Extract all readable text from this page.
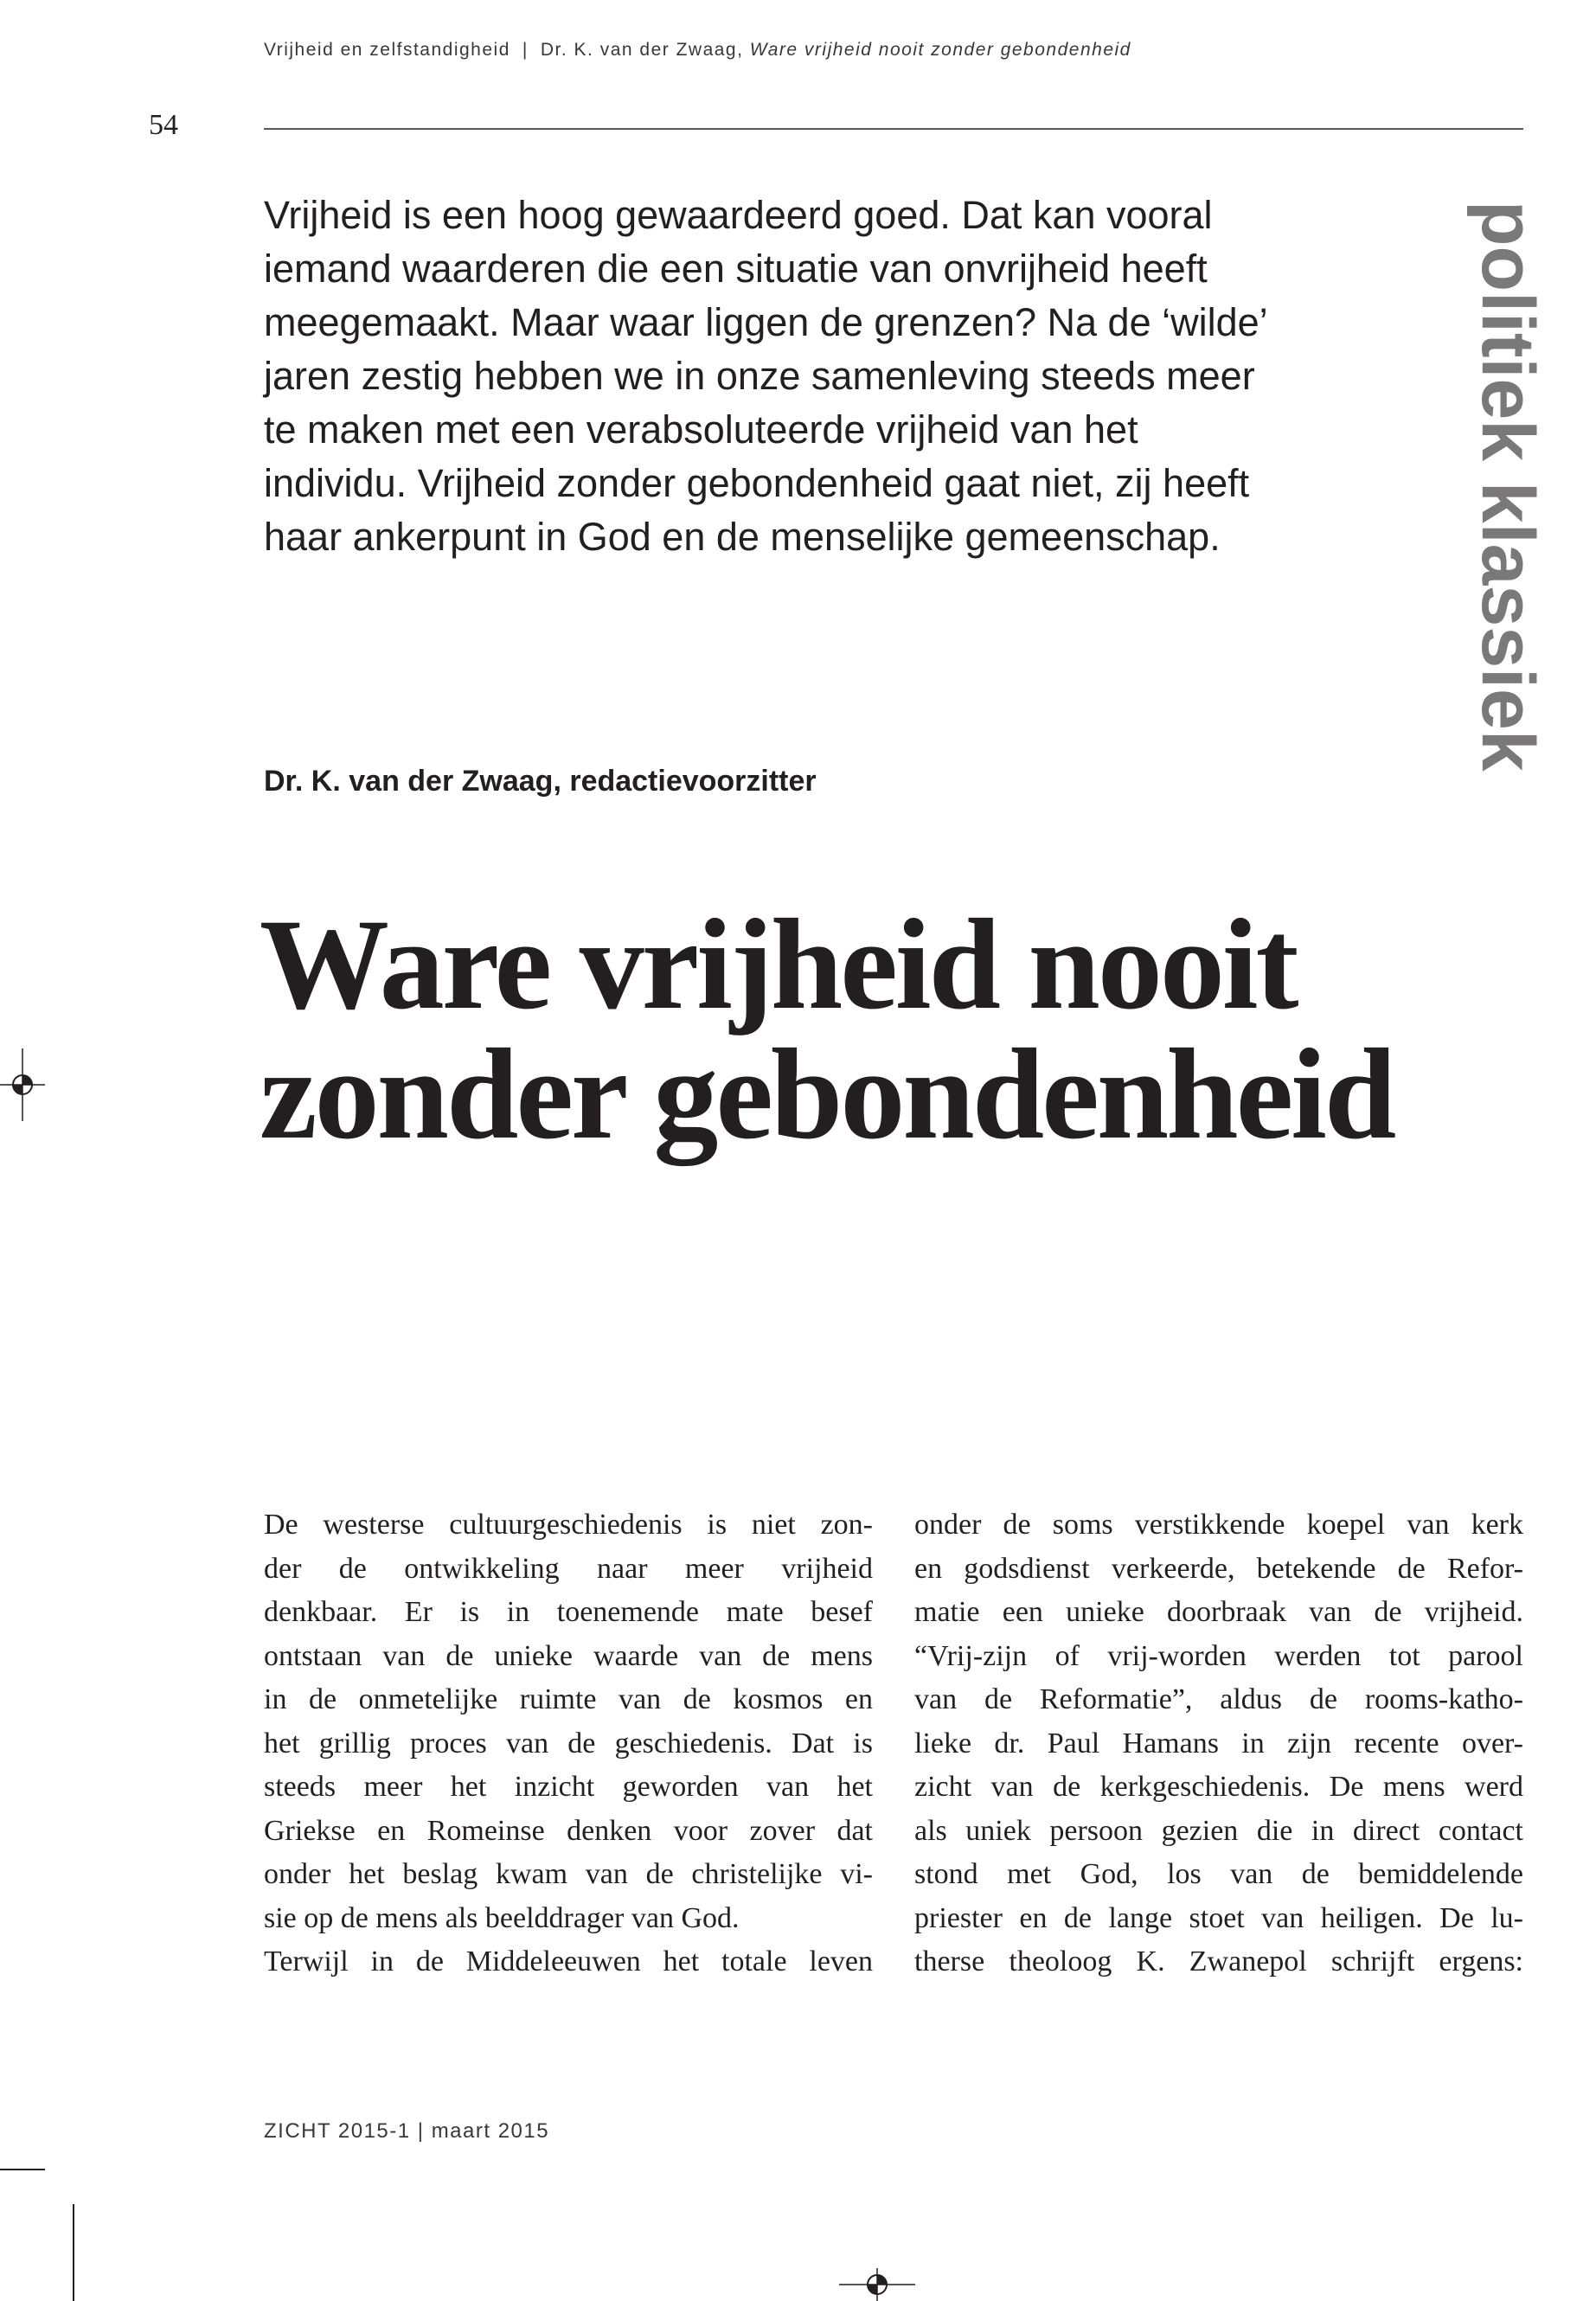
Vrijheid en zelfstandigheid | Dr. K. van der Zwaag, Ware vrijheid nooit zonder gebondenheid
54

Vrijheid is een hoog gewaardeerd goed. Dat kan vooral
iemand waarderen die een situatie van onvrijheid heeft
meegemaakt. Maar waar liggen de grenzen? Na de ‘wilde’
jaren zestig hebben we in onze samenleving steeds meer
te maken met een verabsoluteerde vrijheid van het
individu. Vrijheid zonder gebondenheid gaat niet, zij heeft
haar ankerpunt in God en de menselijke gemeenschap.	politiek klassiek
Dr. K. van der Zwaag, redactievoorzitter
Ware vrijheid nooit
zonder gebondenheid
De westerse cultuurgeschiedenis is niet zon-
der de ontwikkeling naar meer vrijheid
denkbaar. Er is in toenemende mate besef
ontstaan van de unieke waarde van de mens
in de onmetelijke ruimte van de kosmos en
het grillig proces van de geschiedenis. Dat is
steeds meer het inzicht geworden van het
Griekse en Romeinse denken voor zover dat
onder het beslag kwam van de christelijke vi-
sie op de mens als beelddrager van God.
Terwijl in de Middeleeuwen het totale leven
onder de soms verstikkende koepel van kerk
en godsdienst verkeerde, betekende de Refor-
matie een unieke doorbraak van de vrijheid.
“Vrij-zijn of vrij-worden werden tot parool
van de Reformatie”, aldus de rooms-katho-
lieke dr. Paul Hamans in zijn recente over-
zicht van de kerkgeschiedenis. De mens werd
als uniek persoon gezien die in direct contact
stond met God, los van de bemiddelende
priester en de lange stoet van heiligen. De lu-
therse theoloog K. Zwanepol schrijft ergens:
ZICHT 2015-1 | maart 2015
